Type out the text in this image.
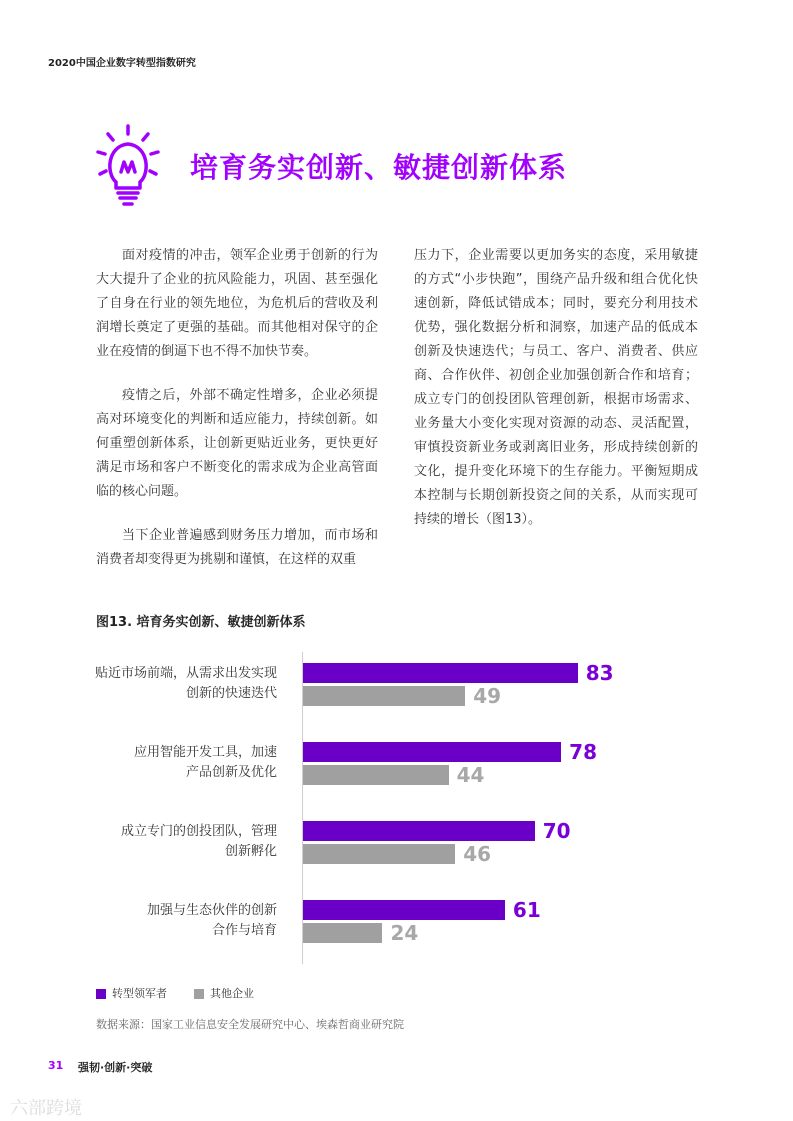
2020中国企业数字转型指数研究
培育务实创新、敏捷创新体系

面对疫情的冲击，领军企业勇于创新的行为大大提升了企业的抗风险能力，巩固、甚至强化了自身在行业的领先地位，为危机后的营收及利润增长奠定了更强的基础。而其他相对保守的企业在疫情的倒逼下也不得不加快节奏。

疫情之后，外部不确定性增多，企业必须提高对环境变化的判断和适应能力，持续创新。如何重塑创新体系，让创新更贴近业务，更快更好满足市场和客户不断变化的需求成为企业高管面临的核心问题。

当下企业普遍感到财务压力增加，而市场和消费者却变得更为挑剔和谨慎，在这样的双重

压力下，企业需要以更加务实的态度，采用敏捷的方式“小步快跑”，围绕产品升级和组合优化快速创新，降低试错成本；同时，要充分利用技术优势，强化数据分析和洞察，加速产品的低成本创新及快速迭代；与员工、客户、消费者、供应商、合作伙伴、初创企业加强创新合作和培育；成立专门的创投团队管理创新，根据市场需求、业务量大小变化实现对资源的动态、灵活配置，审慎投资新业务或剥离旧业务，形成持续创新的文化，提升变化环境下的生存能力。平衡短期成本控制与长期创新投资之间的关系，从而实现可持续的增长（图13）。

图13. 培育务实创新、敏捷创新体系
贴近市场前端，从需求出发实现
创新的快速迭代
83
49
应用智能开发工具，加速
产品创新及优化
78
44
成立专门的创投团队，管理
创新孵化
70
46
加强与生态伙伴的创新
合作与培育
61
24
转型领军者	其他企业
数据来源：国家工业信息安全发展研究中心、埃森哲商业研究院
31 强韧·创新·突破
六部跨境
